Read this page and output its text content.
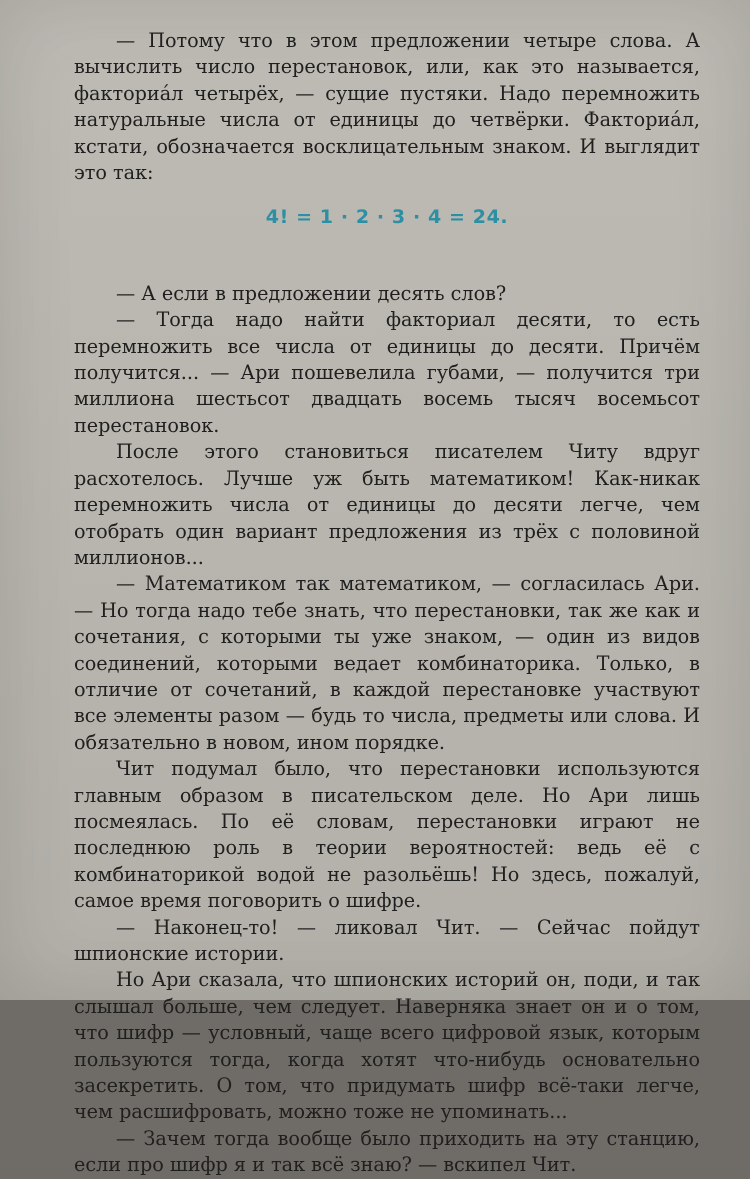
— Потому что в этом предложении четыре слова. А вычислить число перестановок, или, как это называется, факториáл четырёх, — сущие пустяки. Надо перемножить натуральные числа от единицы до четвёрки. Факториáл, кстати, обозначается восклицательным знаком. И выглядит это так:

4! = 1 · 2 · 3 · 4 = 24.

— А если в предложении десять слов?

— Тогда надо найти факториал десяти, то есть перемножить все числа от единицы до десяти. Причём получится... — Ари пошевелила губами, — получится три миллиона шестьсот двадцать восемь тысяч восемьсот перестановок.

После этого становиться писателем Читу вдруг расхотелось. Лучше уж быть математиком! Как-никак перемножить числа от единицы до десяти легче, чем отобрать один вариант предложения из трёх с половиной миллионов...

— Математиком так математиком, — согласилась Ари. — Но тогда надо тебе знать, что перестановки, так же как и сочетания, с которыми ты уже знаком, — один из видов соединений, которыми ведает комбинаторика. Только, в отличие от сочетаний, в каждой перестановке участвуют все элементы разом — будь то числа, предметы или слова. И обязательно в новом, ином порядке.

Чит подумал было, что перестановки используются главным образом в писательском деле. Но Ари лишь посмеялась. По её словам, перестановки играют не последнюю роль в теории вероятностей: ведь её с комбинаторикой водой не разольёшь! Но здесь, пожалуй, самое время поговорить о шифре.

— Наконец-то! — ликовал Чит. — Сейчас пойдут шпионские истории.

Но Ари сказала, что шпионских историй он, поди, и так слышал больше, чем следует. Наверняка знает он и о том, что шифр — условный, чаще всего цифровой язык, которым пользуются тогда, когда хотят что-нибудь основательно засекретить. О том, что придумать шифр всё-таки легче, чем расшифровать, можно тоже не упоминать...

— Зачем тогда вообще было приходить на эту станцию, если про шифр я и так всё знаю? — вскипел Чит.
